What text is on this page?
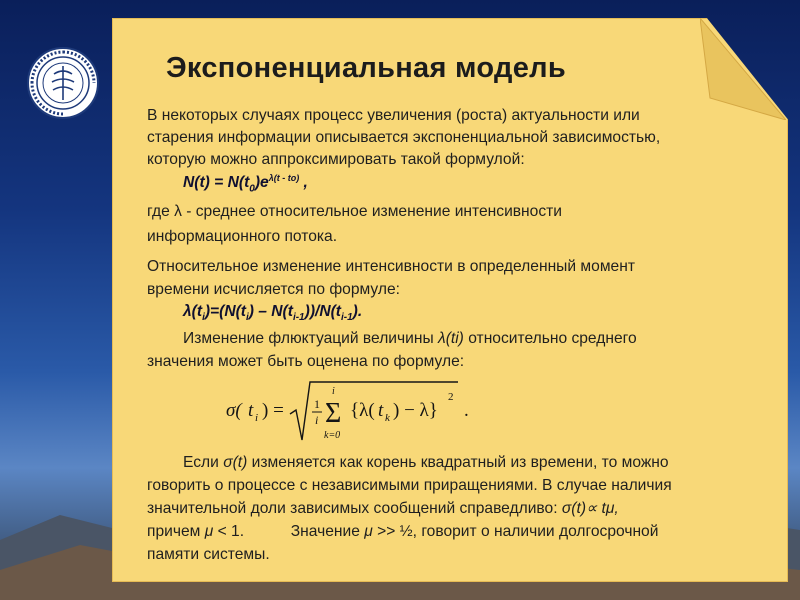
Экспоненциальная модель
В некоторых случаях процесс увеличения (роста) актуальности или
старения информации описывается экспоненциальной зависимостью,
которую можно аппроксимировать такой формулой:
$N(t) = N(t_0)e^{\lambda(t - to)}$ ,
где λ - среднее относительное изменение интенсивности
информационного потока.
Относительное изменение интенсивности в определенный момент
времени исчисляется по формуле:
$\lambda(t_i)=(N(t_i) - N(t_{i-1}))/N(t_{i-1})$.
Изменение флюктуаций величины λ(ti) относительно среднего
значения может быть оценена по формуле:
σ( t i ) =	1
i Σ
i
k=0
{λ( t k ) − λ}
2
.
Если σ(t) изменяется как корень квадратный из времени, то можно
говорить о процессе с независимыми приращениями. В случае наличия
значительной доли зависимых сообщений справедливо: σ(t)∝ tμ,
причем μ < 1.	Значение μ >> ½, говорит о наличии долгосрочной
памяти системы.
